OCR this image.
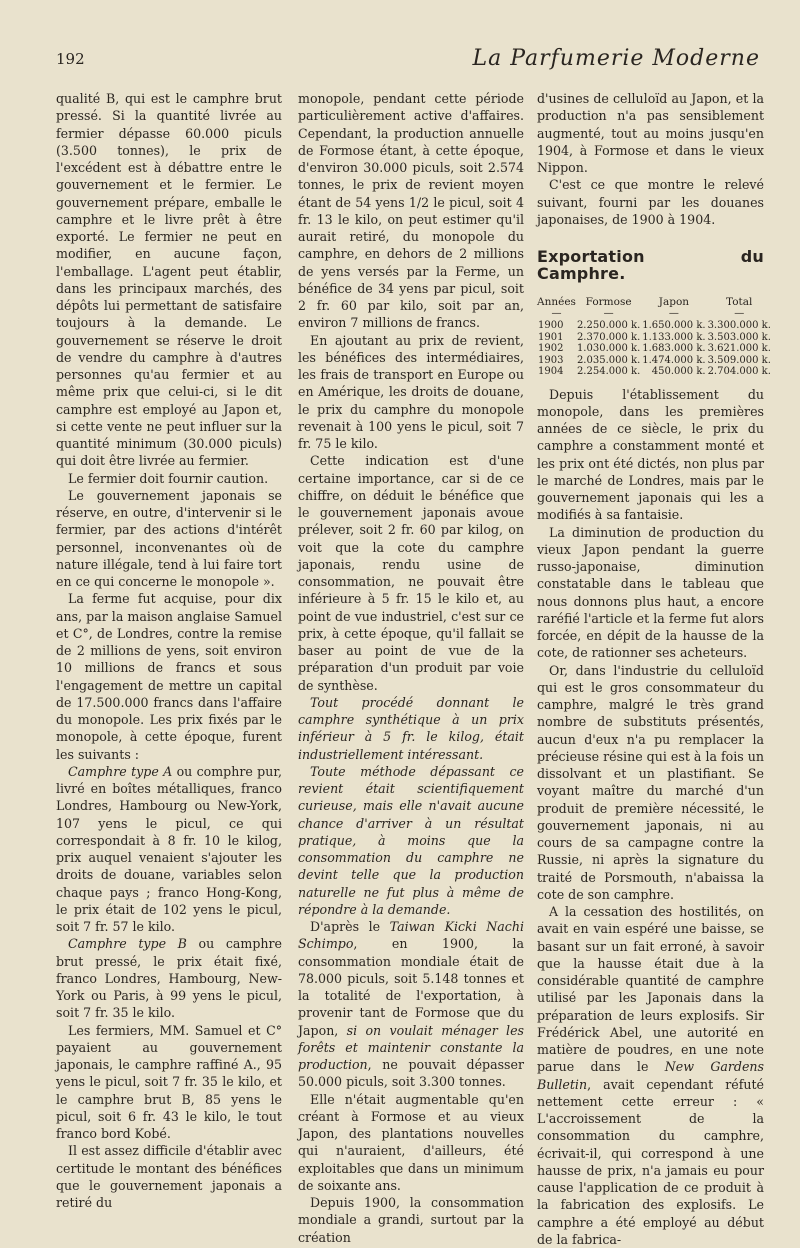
192	La Parfumerie Moderne

qualité B, qui est le camphre brut pressé. Si la quantité livrée au fermier dépasse 60.000 piculs (3.500 tonnes), le prix de l'excédent est à débattre entre le gouvernement et le fermier. Le gouvernement prépare, emballe le camphre et le livre prêt à être exporté. Le fermier ne peut en modifier, en aucune façon, l'emballage. L'agent peut établir, dans les principaux marchés, des dépôts lui permettant de satisfaire toujours à la demande. Le gouvernement se réserve le droit de vendre du camphre à d'autres personnes qu'au fermier et au même prix que celui-ci, si le dit camphre est employé au Japon et, si cette vente ne peut influer sur la quantité minimum (30.000 piculs) qui doit être livrée au fermier.

Le fermier doit fournir caution.

Le gouvernement japonais se réserve, en outre, d'intervenir si le fermier, par des actions d'intérêt personnel, inconvenantes où de nature illégale, tend à lui faire tort en ce qui concerne le monopole ».

La ferme fut acquise, pour dix ans, par la maison anglaise Samuel et C°, de Londres, contre la remise de 2 millions de yens, soit environ 10 millions de francs et sous l'engagement de mettre un capital de 17.500.000 francs dans l'affaire du monopole. Les prix fixés par le monopole, à cette époque, furent les suivants :

Camphre type A ou comphre pur, livré en boîtes métalliques, franco Londres, Hambourg ou New-York, 107 yens le picul, ce qui correspondait à 8 fr. 10 le kilog, prix auquel venaient s'ajouter les droits de douane, variables selon chaque pays ; franco Hong-Kong, le prix était de 102 yens le picul, soit 7 fr. 57 le kilo.

Camphre type B ou camphre brut pressé, le prix était fixé, franco Londres, Hambourg, New-York ou Paris, à 99 yens le picul, soit 7 fr. 35 le kilo.

Les fermiers, MM. Samuel et C° payaient au gouvernement japonais, le camphre raffiné A., 95 yens le picul, soit 7 fr. 35 le kilo, et le camphre brut B, 85 yens le picul, soit 6 fr. 43 le kilo, le tout franco bord Kobé.

Il est assez difficile d'établir avec certitude le montant des bénéfices que le gouvernement japonais a retiré du

monopole, pendant cette période particulièrement active d'affaires. Cependant, la production annuelle de Formose étant, à cette époque, d'environ 30.000 piculs, soit 2.574 tonnes, le prix de revient moyen étant de 54 yens 1/2 le picul, soit 4 fr. 13 le kilo, on peut estimer qu'il aurait retiré, du monopole du camphre, en dehors de 2 millions de yens versés par la Ferme, un bénéfice de 34 yens par picul, soit 2 fr. 60 par kilo, soit par an, environ 7 millions de francs.

En ajoutant au prix de revient, les bénéfices des intermédiaires, les frais de transport en Europe ou en Amérique, les droits de douane, le prix du camphre du monopole revenait à 100 yens le picul, soit 7 fr. 75 le kilo.

Cette indication est d'une certaine importance, car si de ce chiffre, on déduit le bénéfice que le gouvernement japonais avoue prélever, soit 2 fr. 60 par kilog, on voit que la cote du camphre japonais, rendu usine de consommation, ne pouvait être inférieure à 5 fr. 15 le kilo et, au point de vue industriel, c'est sur ce prix, à cette époque, qu'il fallait se baser au point de vue de la préparation d'un produit par voie de synthèse.

Tout procédé donnant le camphre synthétique à un prix inférieur à 5 fr. le kilog, était industriellement intéressant.

Toute méthode dépassant ce revient était scientifiquement curieuse, mais elle n'avait aucune chance d'arriver à un résultat pratique, à moins que la consommation du camphre ne devint telle que la production naturelle ne fut plus à même de répondre à la demande.

D'après le Taiwan Kicki Nachi Schimpo, en 1900, la consommation mondiale était de 78.000 piculs, soit 5.148 tonnes et la totalité de l'exportation, à provenir tant de Formose que du Japon, si on voulait ménager les forêts et maintenir constante la production, ne pouvait dépasser 50.000 piculs, soit 3.300 tonnes.

Elle n'était augmentable qu'en créant à Formose et au vieux Japon, des plantations nouvelles qui n'auraient, d'ailleurs, été exploitables que dans un minimum de soixante ans.

Depuis 1900, la consommation mondiale a grandi, surtout par la création

d'usines de celluloïd au Japon, et la production n'a pas sensiblement augmenté, tout au moins jusqu'en 1904, à Formose et dans le vieux Nippon.

C'est ce que montre le relevé suivant, fourni par les douanes japonaises, de 1900 à 1904.

Exportation du Camphre.
Années	Formose	Japon	Total
—	—	—	—
1900	2.250.000 k.	1.650.000 k.	3.300.000 k.
1901	2.370.000 k.	1.133.000 k.	3.503.000 k.
1902	1.030.000 k.	1.683.000 k.	3.621.000 k.
1903	2.035.000 k.	1.474.000 k.	3.509.000 k.
1904	2.254.000 k.	450.000 k.	2.704.000 k.

Depuis l'établissement du monopole, dans les premières années de ce siècle, le prix du camphre a constamment monté et les prix ont été dictés, non plus par le marché de Londres, mais par le gouvernement japonais qui les a modifiés à sa fantaisie.

La diminution de production du vieux Japon pendant la guerre russo-japonaise, diminution constatable dans le tableau que nous donnons plus haut, a encore raréfié l'article et la ferme fut alors forcée, en dépit de la hausse de la cote, de rationner ses acheteurs.

Or, dans l'industrie du celluloïd qui est le gros consommateur du camphre, malgré le très grand nombre de substituts présentés, aucun d'eux n'a pu remplacer la précieuse résine qui est à la fois un dissolvant et un plastifiant. Se voyant maître du marché d'un produit de première nécessité, le gouvernement japonais, ni au cours de sa campagne contre la Russie, ni après la signature du traité de Porsmouth, n'abaissa la cote de son camphre.

A la cessation des hostilités, on avait en vain espéré une baisse, se basant sur un fait erroné, à savoir que la hausse était due à la considérable quantité de camphre utilisé par les Japonais dans la préparation de leurs explosifs. Sir Frédérick Abel, une autorité en matière de poudres, en une note parue dans le New Gardens Bulletin, avait cependant réfuté nettement cette erreur : « L'accroissement de la consommation du camphre, écrivait-il, qui correspond à une hausse de prix, n'a jamais eu pour cause l'application de ce produit à la fabrication des explosifs. Le camphre a été employé au début de la fabrica-
